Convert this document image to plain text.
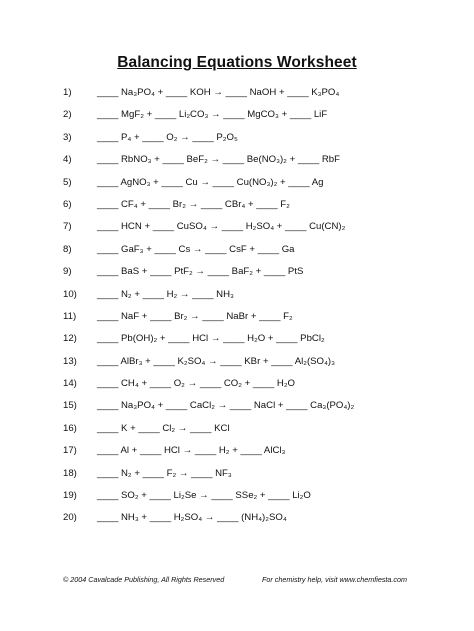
Balancing Equations Worksheet
1)	____ Na₃PO₄ + ____ KOH → ____ NaOH + ____ K₃PO₄
2)	____ MgF₂ + ____ Li₂CO₃ → ____ MgCO₃ + ____ LiF
3)	____ P₄ + ____ O₂ → ____ P₂O₅
4)	____ RbNO₃ + ____ BeF₂ → ____ Be(NO₃)₂ + ____ RbF
5)	____ AgNO₃ + ____ Cu → ____ Cu(NO₃)₂ + ____ Ag
6)	____ CF₄ + ____ Br₂ → ____ CBr₄ + ____ F₂
7)	____ HCN + ____ CuSO₄ → ____ H₂SO₄ + ____ Cu(CN)₂
8)	____ GaF₃ + ____ Cs → ____ CsF + ____ Ga
9)	____ BaS + ____ PtF₂ → ____ BaF₂ + ____ PtS
10)	____ N₂ + ____ H₂ → ____ NH₃
11)	____ NaF + ____ Br₂ → ____ NaBr + ____ F₂
12)	____ Pb(OH)₂ + ____ HCl → ____ H₂O + ____ PbCl₂
13)	____ AlBr₃ + ____ K₂SO₄ → ____ KBr + ____ Al₂(SO₄)₃
14)	____ CH₄ + ____ O₂ → ____ CO₂ + ____ H₂O
15)	____ Na₃PO₄ + ____ CaCl₂ → ____ NaCl + ____ Ca₃(PO₄)₂
16)	____ K + ____ Cl₂ → ____ KCl
17)	____ Al + ____ HCl → ____ H₂ + ____ AlCl₃
18)	____ N₂ + ____ F₂ → ____ NF₃
19)	____ SO₂ + ____ Li₂Se → ____ SSe₂ + ____ Li₂O
20)	____ NH₃ + ____ H₂SO₄ → ____ (NH₄)₂SO₄
© 2004 Cavalcade Publishing, All Rights Reserved	For chemistry help, visit www.chemfiesta.com
